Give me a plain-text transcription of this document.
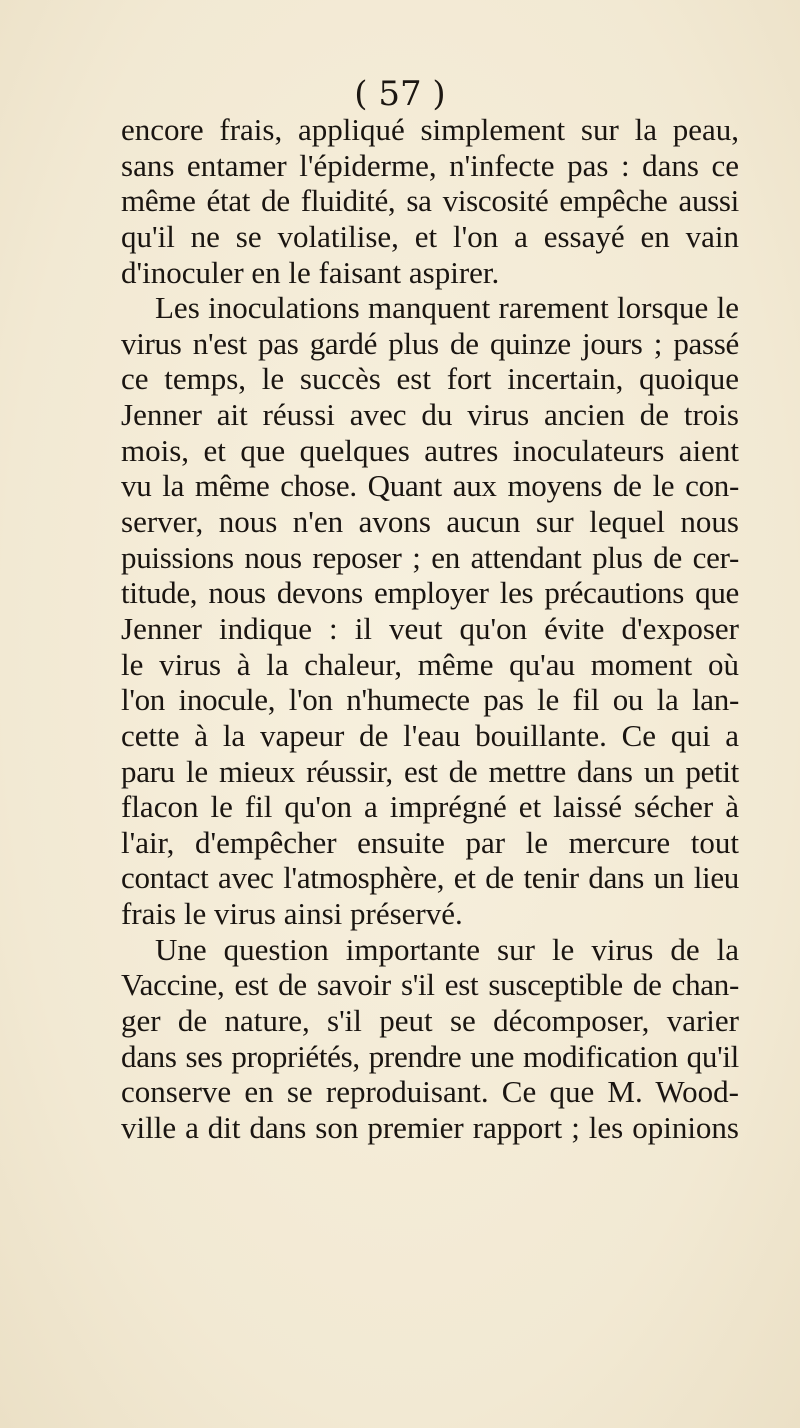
( 57 )
encore frais, appliqué simplement sur la peau,
sans entamer l'épiderme, n'infecte pas : dans ce
même état de fluidité, sa viscosité empêche aussi
qu'il ne se volatilise, et l'on a essayé en vain
d'inoculer en le faisant aspirer.
Les inoculations manquent rarement lorsque le
virus n'est pas gardé plus de quinze jours ; passé
ce temps, le succès est fort incertain, quoique
Jenner ait réussi avec du virus ancien de trois
mois, et que quelques autres inoculateurs aient
vu la même chose. Quant aux moyens de le con-
server, nous n'en avons aucun sur lequel nous
puissions nous reposer ; en attendant plus de cer-
titude, nous devons employer les précautions que
Jenner indique : il veut qu'on évite d'exposer
le virus à la chaleur, même qu'au moment où
l'on inocule, l'on n'humecte pas le fil ou la lan-
cette à la vapeur de l'eau bouillante. Ce qui a
paru le mieux réussir, est de mettre dans un petit
flacon le fil qu'on a imprégné et laissé sécher à
l'air, d'empêcher ensuite par le mercure tout
contact avec l'atmosphère, et de tenir dans un lieu
frais le virus ainsi préservé.
Une question importante sur le virus de la
Vaccine, est de savoir s'il est susceptible de chan-
ger de nature, s'il peut se décomposer, varier
dans ses propriétés, prendre une modification qu'il
conserve en se reproduisant. Ce que M. Wood-
ville a dit dans son premier rapport ; les opinions
